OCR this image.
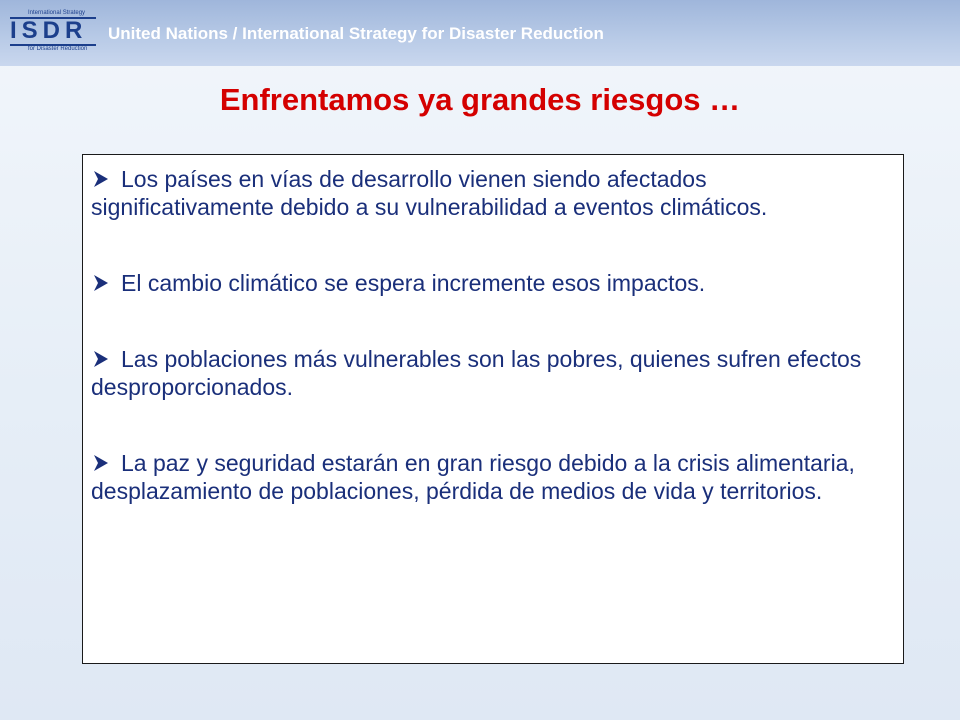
International Strategy
ISDR
for Disaster Reduction
United Nations / International Strategy for Disaster Reduction
Enfrentamos ya grandes riesgos …
Los países en vías de desarrollo vienen siendo afectados significativamente debido a su vulnerabilidad a eventos climáticos.
El cambio climático se espera incremente esos impactos.
Las poblaciones más vulnerables son las pobres, quienes sufren efectos desproporcionados.
La paz y seguridad estarán en gran riesgo debido a la crisis alimentaria, desplazamiento de poblaciones, pérdida de medios de vida y territorios.
